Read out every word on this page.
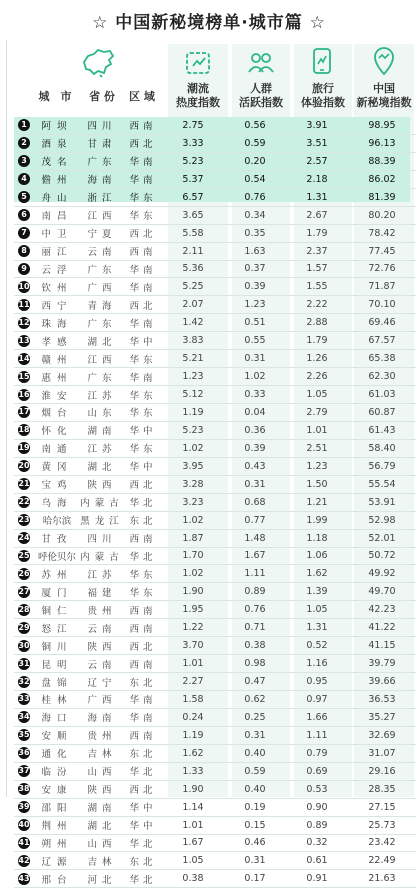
☆ 中国新秘境榜单·城市篇 ☆
城　市	省 份	区 域
潮流
热度指数
人群
活跃指数
旅行
体验指数
中国
新秘境指数
1	阿坝	四川	西南	2.75	0.56	3.91	98.95
2	酒泉	甘肃	西北	3.33	0.59	3.51	96.13
3	茂名	广东	华南	5.23	0.20	2.57	88.39
4	儋州	海南	华南	5.37	0.54	2.18	86.02
5	舟山	浙江	华东	6.57	0.76	1.31	81.39
6	南昌	江西	华东	3.65	0.34	2.67	80.20
7	中卫	宁夏	西北	5.58	0.35	1.79	78.42
8	丽江	云南	西南	2.11	1.63	2.37	77.45
9	云浮	广东	华南	5.36	0.37	1.57	72.76
10	钦州	广西	华南	5.25	0.39	1.55	71.87
11	西宁	青海	西北	2.07	1.23	2.22	70.10
12	珠海	广东	华南	1.42	0.51	2.88	69.46
13	孝感	湖北	华中	3.83	0.55	1.79	67.57
14	赣州	江西	华东	5.21	0.31	1.26	65.38
15	惠州	广东	华南	1.23	1.02	2.26	62.30
16	淮安	江苏	华东	5.12	0.33	1.05	61.03
17	烟台	山东	华东	1.19	0.04	2.79	60.87
18	怀化	湖南	华中	5.23	0.36	1.01	61.43
19	南通	江苏	华东	1.02	0.39	2.51	58.40
20	黄冈	湖北	华中	3.95	0.43	1.23	56.79
21	宝鸡	陕西	西北	3.28	0.31	1.50	55.54
22	乌海	内蒙古	华北	3.23	0.68	1.21	53.91
23	哈尔滨	黑龙江	东北	1.02	0.77	1.99	52.98
24	甘孜	四川	西南	1.87	1.48	1.18	52.01
25	呼伦贝尔	内蒙古	华北	1.70	1.67	1.06	50.72
26	苏州	江苏	华东	1.02	1.11	1.62	49.92
27	厦门	福建	华东	1.90	0.89	1.39	49.70
28	铜仁	贵州	西南	1.95	0.76	1.05	42.23
29	怒江	云南	西南	1.22	0.71	1.31	41.22
30	铜川	陕西	西北	3.70	0.38	0.52	41.15
31	昆明	云南	西南	1.01	0.98	1.16	39.79
32	盘锦	辽宁	东北	2.27	0.47	0.95	39.66
33	桂林	广西	华南	1.58	0.62	0.97	36.53
34	海口	海南	华南	0.24	0.25	1.66	35.27
35	安顺	贵州	西南	1.19	0.31	1.11	32.69
36	通化	吉林	东北	1.62	0.40	0.79	31.07
37	临汾	山西	华北	1.33	0.59	0.69	29.16
38	安康	陕西	西北	1.90	0.40	0.53	28.35
39	邵阳	湖南	华中	1.14	0.19	0.90	27.15
40	荆州	湖北	华中	1.01	0.15	0.89	25.73
41	朔州	山西	华北	1.67	0.46	0.32	23.42
42	辽源	吉林	东北	1.05	0.31	0.61	22.49
43	邢台	河北	华北	0.38	0.17	0.91	21.63
